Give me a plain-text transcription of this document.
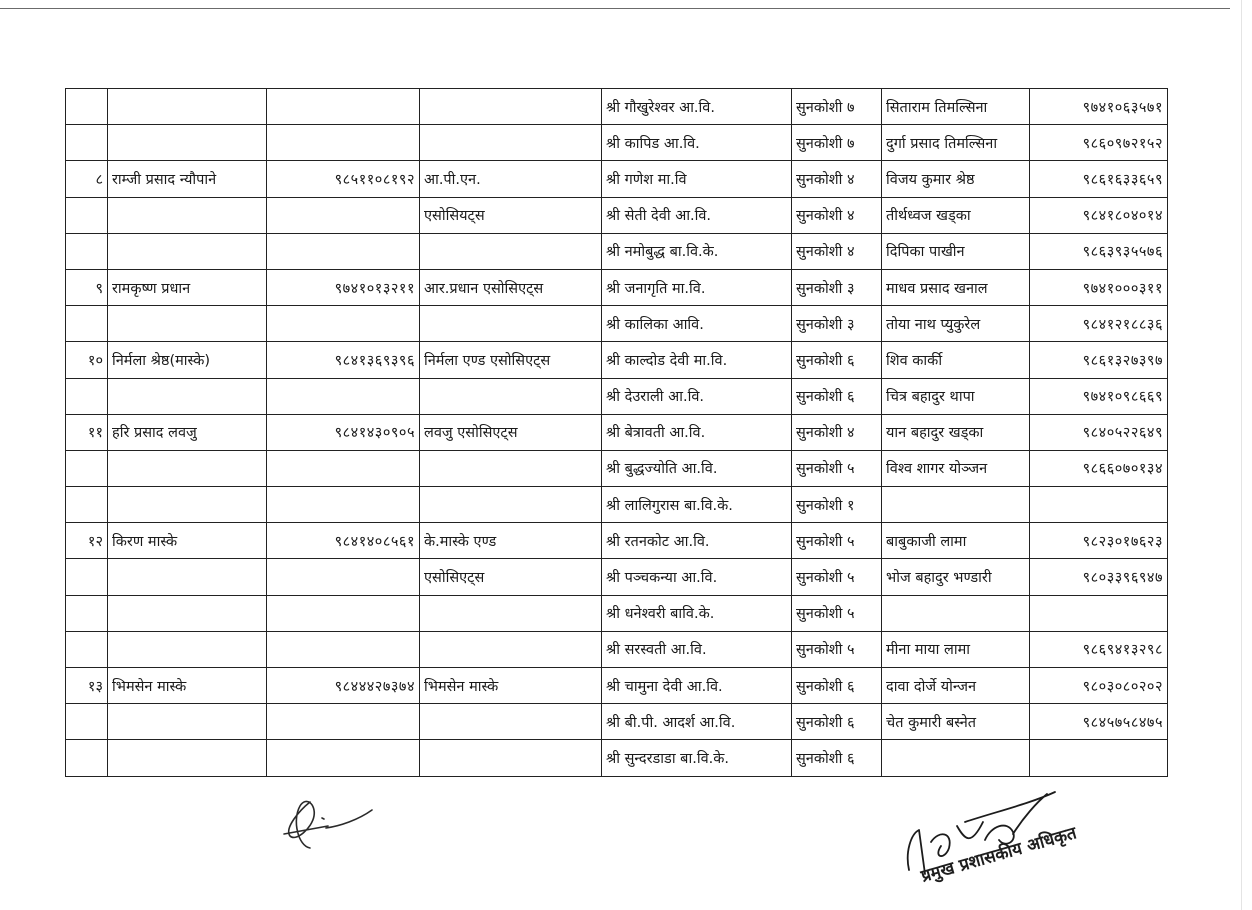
				श्री गौखुरेश्वर आ.वि.	सुनकोशी ७	सिताराम तिमल्सिना	९७४१०६३५७१
				श्री कापिड आ.वि.	सुनकोशी ७	दुर्गा प्रसाद तिमल्सिना	९८६०९७२१५२
८	राम्जी प्रसाद न्यौपाने	९८५११०८१९२	आ.पी.एन.	श्री गणेश मा.वि	सुनकोशी ४	विजय कुमार श्रेष्ठ	९८६१६३३६५९
			एसोसियट्स	श्री सेती देवी आ.वि.	सुनकोशी ४	तीर्थध्वज खड्का	९८४१८०४०१४
				श्री नमोबुद्ध बा.वि.के.	सुनकोशी ४	दिपिका पाखीन	९८६३९३५५७६
९	रामकृष्ण प्रधान	९७४१०१३२११	आर.प्रधान एसोसिएट्स	श्री जनागृति मा.वि.	सुनकोशी ३	माधव प्रसाद खनाल	९७४१०००३११
				श्री कालिका आवि.	सुनकोशी ३	तोया नाथ प्युकुरेल	९८४१२१८८३६
१०	निर्मला श्रेष्ठ(मास्के)	९८४१३६९३९६	निर्मला एण्ड एसोसिएट्स	श्री काल्दोड देवी मा.वि.	सुनकोशी ६	शिव कार्की	९८६१३२७३९७
				श्री देउराली आ.वि.	सुनकोशी ६	चित्र बहादुर थापा	९७४१०९८६६९
११	हरि प्रसाद लवजु	९८४१४३०९०५	लवजु एसोसिएट्स	श्री बेत्रावती आ.वि.	सुनकोशी ४	यान बहादुर खड्का	९८४०५२२६४९
				श्री बुद्धज्योति आ.वि.	सुनकोशी ५	विश्व शागर योञ्जन	९८६६०७०१३४
				श्री लालिगुरास बा.वि.के.	सुनकोशी १		
१२	किरण मास्के	९८४१४०८५६१	के.मास्के एण्ड	श्री रतनकोट आ.वि.	सुनकोशी ५	बाबुकाजी लामा	९८२३०१७६२३
			एसोसिएट्स	श्री पञ्चकन्या आ.वि.	सुनकोशी ५	भोज बहादुर भण्डारी	९८०३३९६९४७
				श्री धनेश्वरी बावि.के.	सुनकोशी ५		
				श्री सरस्वती आ.वि.	सुनकोशी ५	मीना माया लामा	९८६९४१३२९८
१३	भिमसेन मास्के	९८४४४२७३७४	भिमसेन मास्के	श्री चामुना देवी आ.वि.	सुनकोशी ६	दावा दोर्जे योन्जन	९८०३०८०२०२
				श्री बी.पी. आदर्श आ.वि.	सुनकोशी ६	चेत कुमारी बस्नेत	९८४५७५८४७५
				श्री सुन्दरडाडा बा.वि.के.	सुनकोशी ६		
प्रमुख प्रशासकीय अधिकृत
